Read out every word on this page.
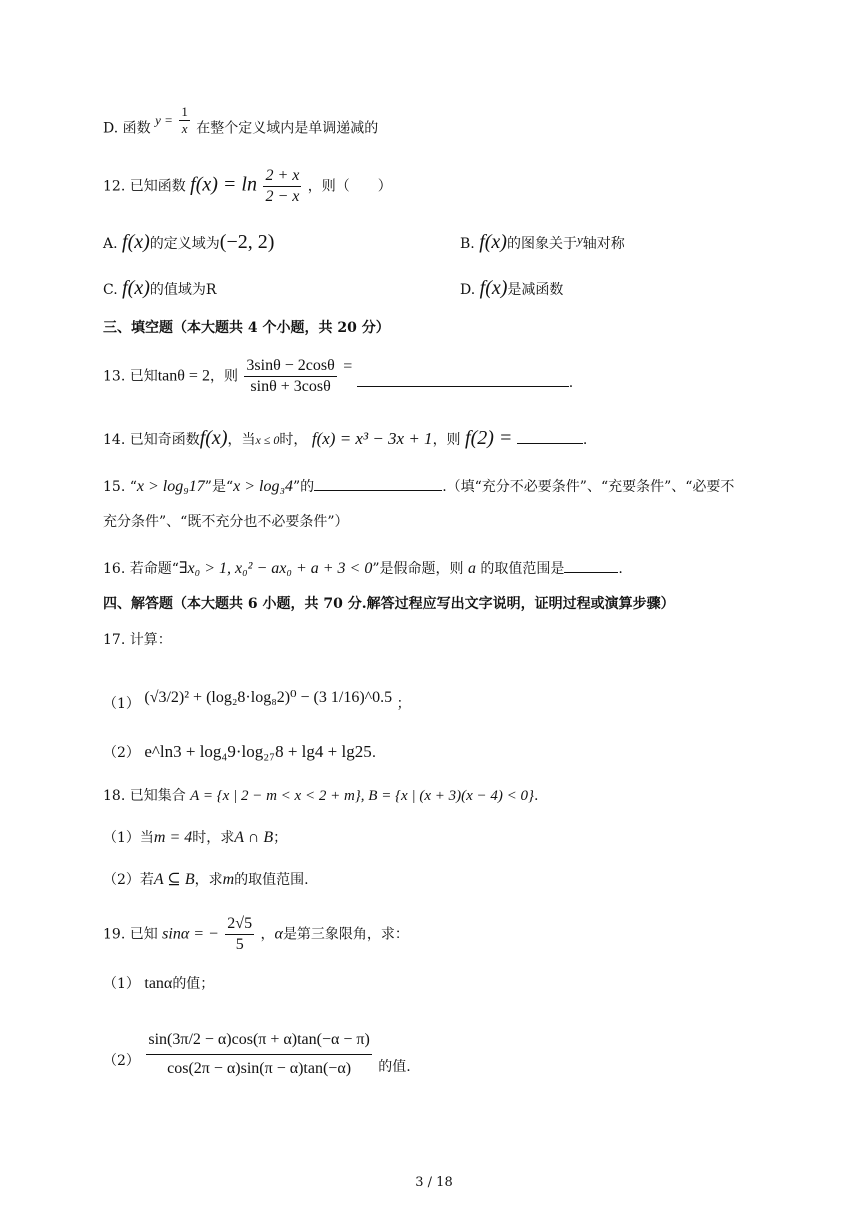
D. 函数 $y = \frac{1}{x}$ 在整个定义域内是单调递减的
12. 已知函数 $f(x) = \ln \frac{2 + x}{2 - x}$ ，则（　　）
A. f(x)的定义域为(−2, 2)	B. f(x)的图象关于y轴对称
C. f(x)的值域为R	D. f(x)是减函数
三、填空题（本大题共 4 个小题，共 20 分）
13. 已知tanθ = 2，则 $\frac{3\sin\theta - 2\cos\theta}{\sin\theta + 3\cos\theta}$ = .
14. 已知奇函数f(x)，当x ≤ 0时， f(x) = x³ − 3x + 1，则 f(2) =	.
15. “x > log₉17”是“x > log₃4”的	.（填“充分不必要条件”、“充要条件”、“必要不
充分条件”、“既不充分也不必要条件”）
16. 若命题“∃x₀ > 1, x₀² − ax₀ + a + 3 < 0”是假命题，则 a 的取值范围是	.
四、解答题（本大题共 6 小题，共 70 分.解答过程应写出文字说明，证明过程或演算步骤）
17. 计算：
（1） (√3/2)² + (log₂8·log₈2)⁰ − (3 1/16)^0.5 ；
（2） e^ln3 + log₄9·log₂₇8 + lg4 + lg25.
18. 已知集合 A = {x | 2 − m < x < 2 + m}, B = {x | (x + 3)(x − 4) < 0}.
（1）当m = 4时，求A ∩ B；
（2）若A ⊆ B，求m的取值范围.
19. 已知 sinα = − $\frac{2√5}{5}$ ，α是第三象限角，求：
（1） tanα的值；
$(2) \frac{\sin(3\pi/2 - \alpha)\cos(\pi + \alpha)\tan(-\alpha - \pi)}{\cos(2\pi - \alpha)\sin(\pi - \alpha)\tan(-\alpha)}$ 的值.
3 / 18
